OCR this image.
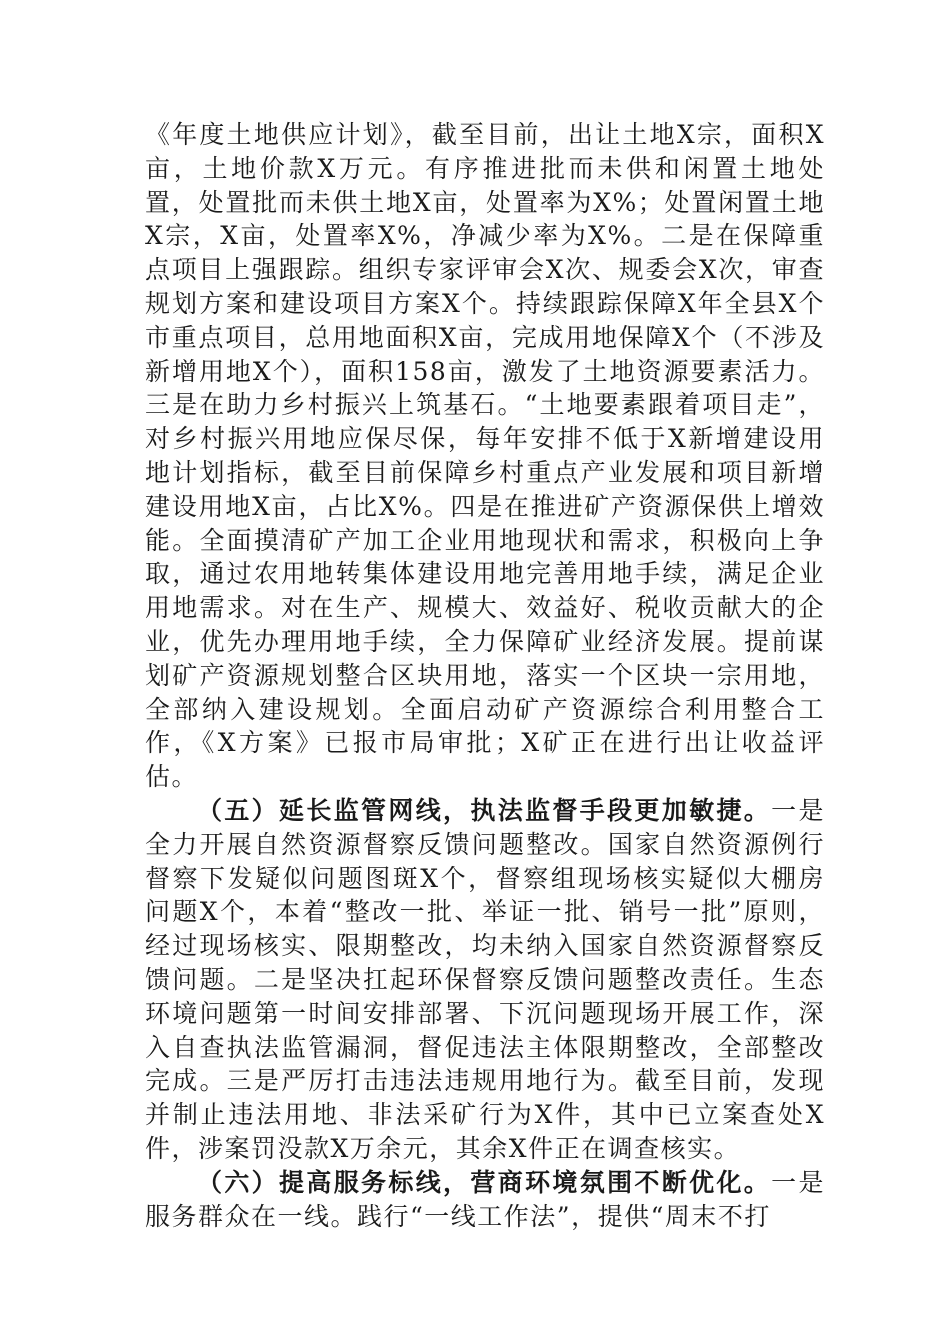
《年度土地供应计划》，截至目前，出让土地X宗，面积X亩，土地价款X万元。有序推进批而未供和闲置土地处置，处置批而未供土地X亩，处置率为X%；处置闲置土地X宗，X亩，处置率X%，净减少率为X%。二是在保障重点项目上强跟踪。组织专家评审会X次、规委会X次，审查规划方案和建设项目方案X个。持续跟踪保障X年全县X个市重点项目，总用地面积X亩，完成用地保障X个（不涉及新增用地X个），面积158亩，激发了土地资源要素活力。三是在助力乡村振兴上筑基石。“土地要素跟着项目走”，对乡村振兴用地应保尽保，每年安排不低于X新增建设用地计划指标，截至目前保障乡村重点产业发展和项目新增建设用地X亩，占比X%。四是在推进矿产资源保供上增效能。全面摸清矿产加工企业用地现状和需求，积极向上争取，通过农用地转集体建设用地完善用地手续，满足企业用地需求。对在生产、规模大、效益好、税收贡献大的企业，优先办理用地手续，全力保障矿业经济发展。提前谋划矿产资源规划整合区块用地，落实一个区块一宗用地，全部纳入建设规划。全面启动矿产资源综合利用整合工作，《X方案》已报市局审批；X矿正在进行出让收益评估。

（五）延长监管网线，执法监督手段更加敏捷。一是全力开展自然资源督察反馈问题整改。国家自然资源例行督察下发疑似问题图斑X个，督察组现场核实疑似大棚房问题X个，本着“整改一批、举证一批、销号一批”原则，经过现场核实、限期整改，均未纳入国家自然资源督察反馈问题。二是坚决扛起环保督察反馈问题整改责任。生态环境问题第一时间安排部署、下沉问题现场开展工作，深入自查执法监管漏洞，督促违法主体限期整改，全部整改完成。三是严厉打击违法违规用地行为。截至目前，发现并制止违法用地、非法采矿行为X件，其中已立案查处X件，涉案罚没款X万余元，其余X件正在调查核实。

（六）提高服务标线，营商环境氛围不断优化。一是服务群众在一线。践行“一线工作法”，提供“周末不打
